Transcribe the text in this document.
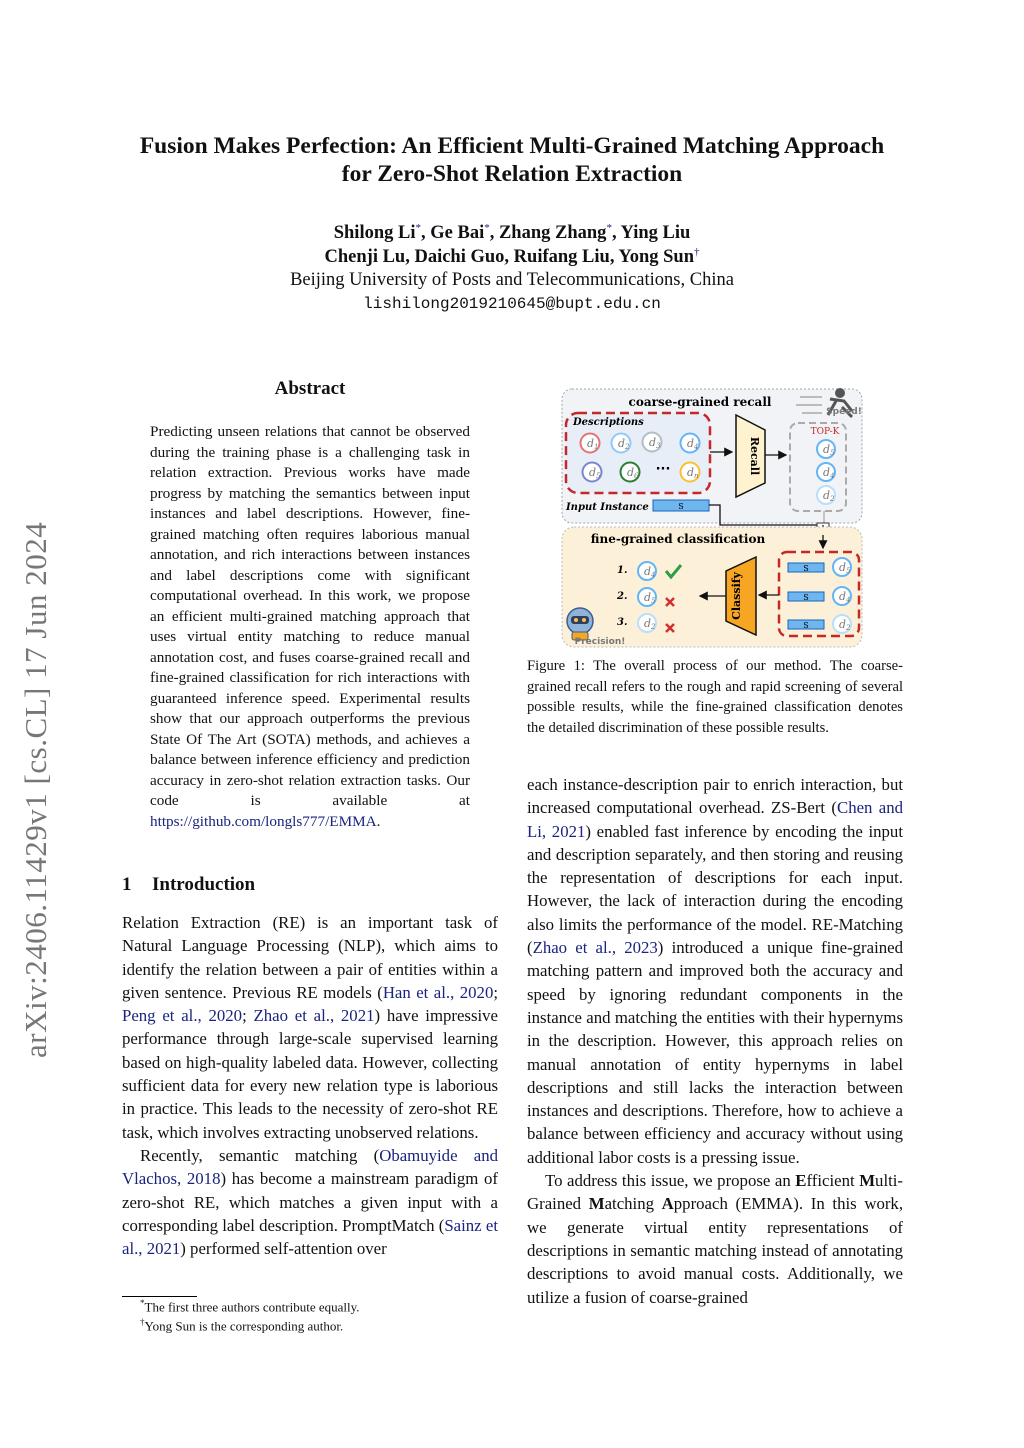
Fusion Makes Perfection: An Efficient Multi-Grained Matching Approach
for Zero-Shot Relation Extraction
Shilong Li*, Ge Bai*, Zhang Zhang*, Ying Liu
Chenji Lu, Daichi Guo, Ruifang Liu, Yong Sun†
Beijing University of Posts and Telecommunications, China
lishilong2019210645@bupt.edu.cn
arXiv:2406.11429v1 [cs.CL] 17 Jun 2024
Abstract
Predicting unseen relations that cannot be observed during the training phase is a challenging task in relation extraction. Previous works have made progress by matching the semantics between input instances and label descriptions. However, fine-grained matching often requires laborious manual annotation, and rich interactions between instances and label descriptions come with significant computational overhead. In this work, we propose an efficient multi-grained matching approach that uses virtual entity matching to reduce manual annotation cost, and fuses coarse-grained recall and fine-grained classification for rich interactions with guaranteed inference speed. Experimental results show that our approach outperforms the previous State Of The Art (SOTA) methods, and achieves a balance between inference efficiency and prediction accuracy in zero-shot relation extraction tasks. Our code is available at https://github.com/longls777/EMMA.
1 Introduction

Relation Extraction (RE) is an important task of Natural Language Processing (NLP), which aims to identify the relation between a pair of entities within a given sentence. Previous RE models (Han et al., 2020; Peng et al., 2020; Zhao et al., 2021) have impressive performance through large-scale supervised learning based on high-quality labeled data. However, collecting sufficient data for every new relation type is laborious in practice. This leads to the necessity of zero-shot RE task, which involves extracting unobserved relations.

Recently, semantic matching (Obamuyide and Vlachos, 2018) has become a mainstream paradigm of zero-shot RE, which matches a given input with a corresponding label description. PromptMatch (Sainz et al., 2021) performed self-attention over

*The first three authors contribute equally.
†Yong Sun is the corresponding author.
coarse-grained recall
Speed!
Descriptions
d 1 d 2 d 3 d 4
d 5 d 6	d n
···
Input Instance	S
Recall
TOP-K
d 5
d 4
d 2
fine-grained classification
S
S
S
d 5
d 4
d 2
Classify
1.
2.
3.
d 4
d 5
d 2
Precision!
Figure 1: The overall process of our method. The coarse-grained recall refers to the rough and rapid screening of several possible results, while the fine-grained classification denotes the detailed discrimination of these possible results.

each instance-description pair to enrich interaction, but increased computational overhead. ZS-Bert (Chen and Li, 2021) enabled fast inference by encoding the input and description separately, and then storing and reusing the representation of descriptions for each input. However, the lack of interaction during the encoding also limits the performance of the model. RE-Matching (Zhao et al., 2023) introduced a unique fine-grained matching pattern and improved both the accuracy and speed by ignoring redundant components in the instance and matching the entities with their hypernyms in the description. However, this approach relies on manual annotation of entity hypernyms in label descriptions and still lacks the interaction between instances and descriptions. Therefore, how to achieve a balance between efficiency and accuracy without using additional labor costs is a pressing issue.

To address this issue, we propose an Efficient Multi-Grained Matching Approach (EMMA). In this work, we generate virtual entity representations of descriptions in semantic matching instead of annotating descriptions to avoid manual costs. Additionally, we utilize a fusion of coarse-grained
